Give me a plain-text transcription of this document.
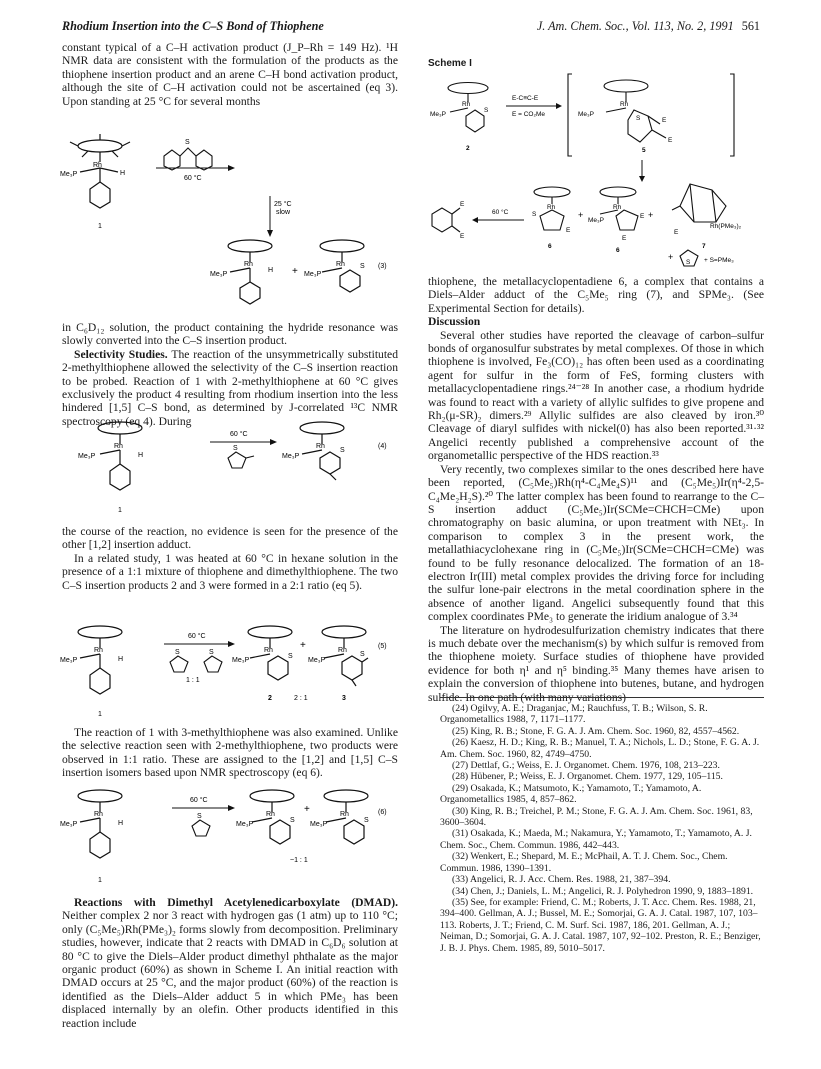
Rhodium Insertion into the C–S Bond of Thiophene	J. Am. Chem. Soc., Vol. 113, No. 2, 1991 561

constant typical of a C–H activation product (J_P–Rh = 149 Hz). ¹H NMR data are consistent with the formulation of the products as the thiophene insertion product and an arene C–H bond activation product, although the site of C–H activation could not be ascertained (eq 3). Upon standing at 25 °C for several months

Rh
Me₃P	H
1
60 °C
S
25 °C
slow
Rh
Me₃P
H +
Rh
Me₃P
S (3)

in C₆D₁₂ solution, the product containing the hydride resonance was slowly converted into the C–S insertion product.

Selectivity Studies. The reaction of the unsymmetrically substituted 2-methylthiophene allowed the selectivity of the C–S insertion reaction to be probed. Reaction of 1 with 2-methylthiophene at 60 °C gives exclusively the product 4 resulting from rhodium insertion into the less hindered [1,5] C–S bond, as determined by J-correlated ¹³C NMR spectroscopy (eq 4). During

Rh
Me₃P	H
1
60 °C
S	Rh
Me₃P
S
(4)

the course of the reaction, no evidence is seen for the presence of the other [1,2] insertion adduct.

In a related study, 1 was heated at 60 °C in hexane solution in the presence of a 1:1 mixture of thiophene and dimethylthiophene. The two C–S insertion products 2 and 3 were formed in a 2:1 ratio (eq 5).

Rh
Me₃P	H
1
60 °C
S	S
1 : 1
Rh
Me₃P
S
2
+
2 : 1
Rh
Me₃P
S
3
(5)

The reaction of 1 with 3-methylthiophene was also examined. Unlike the selective reaction seen with 2-methylthiophene, two products were observed in 1:1 ratio. These are assigned to the [1,2] and [1,5] C–S insertion isomers based upon NMR spectroscopy (eq 6).

Rh
Me₃P	H
1
60 °C
S	Rh
Me₃P
S
+
~1 : 1
Rh
Me₃P
S
(6)

Reactions with Dimethyl Acetylenedicarboxylate (DMAD). Neither complex 2 nor 3 react with hydrogen gas (1 atm) up to 110 °C; only (C₅Me₅)Rh(PMe₃)₂ forms slowly from decomposition. Preliminary studies, however, indicate that 2 reacts with DMAD in C₆D₆ solution at 80 °C to give the Diels–Alder product dimethyl phthalate as the major organic product (60%) as shown in Scheme I. An initial reaction with DMAD occurs at 25 °C, and the major product (60%) of the reaction is identified as the Diels–Alder adduct 5 in which PMe₃ has been displaced internally by an olefin. Other products identified in this reaction include

Scheme I

Rh
Me₃P
S
2
E-C≡C-E
E = CO₂Me
Rh
Me₃P
S	E
E
5
E
E
60 °C
Rh
S
E
6
+
Rh
Me₃P
E
E
6
+
Rh(PMe₃)₂
E
7
+
S + S=PMe₃

thiophene, the metallacyclopentadiene 6, a complex that contains a Diels–Alder adduct of the C₅Me₅ ring (7), and SPMe₃. (See Experimental Section for details).

Discussion

Several other studies have reported the cleavage of carbon–sulfur bonds of organosulfur substrates by metal complexes. Of those in which thiophene is involved, Fe₃(CO)₁₂ has often been used as a coordinating agent for sulfur in the form of FeS, forming clusters with metallacyclopentadiene rings.²⁴⁻²⁸ In another case, a rhodium hydride was found to react with a variety of allylic sulfides to give propene and Rh₂(μ-SR)₂ dimers.²⁹ Allylic sulfides are also cleaved by iron.³⁰ Cleavage of diaryl sulfides with nickel(0) has also been reported.³¹·³² Angelici recently published a comprehensive account of the organometallic perspective of the HDS reaction.³³

Very recently, two complexes similar to the ones described here have been reported, (C₅Me₅)Rh(η⁴-C₄Me₄S)¹¹ and (C₅Me₅)Ir(η⁴-2,5-C₄Me₂H₂S).²⁰ The latter complex has been found to rearrange to the C–S insertion adduct (C₅Me₅)Ir(SCMe=CHCH=CMe) upon chromatography on basic alumina, or upon treatment with NEt₃. In comparison to complex 3 in the present work, the metallathiacyclohexane ring in (C₅Me₅)Ir(SCMe=CHCH=CMe) was found to be fully resonance delocalized. The formation of an 18-electron Ir(III) metal complex provides the driving force for including the sulfur lone-pair electrons in the metal coordination sphere in the absence of another ligand. Angelici subsequently found that this complex coordinates PMe₃ to generate the iridium analogue of 3.³⁴

The literature on hydrodesulfurization chemistry indicates that there is much debate over the mechanism(s) by which sulfur is removed from the thiophene moiety. Surface studies of thiophene have provided evidence for both η¹ and η⁵ binding.³⁵ Many themes have arisen to explain the conversion of thiophene into butenes, butane, and hydrogen sulfide. In one path (with many variations)

(24) Ogilvy, A. E.; Draganjac, M.; Rauchfuss, T. B.; Wilson, S. R. Organometallics 1988, 7, 1171–1177.
(25) King, R. B.; Stone, F. G. A. J. Am. Chem. Soc. 1960, 82, 4557–4562.
(26) Kaesz, H. D.; King, R. B.; Manuel, T. A.; Nichols, L. D.; Stone, F. G. A. J. Am. Chem. Soc. 1960, 82, 4749–4750.
(27) Dettlaf, G.; Weiss, E. J. Organomet. Chem. 1976, 108, 213–223.
(28) Hübener, P.; Weiss, E. J. Organomet. Chem. 1977, 129, 105–115.
(29) Osakada, K.; Matsumoto, K.; Yamamoto, T.; Yamamoto, A. Organometallics 1985, 4, 857–862.
(30) King, R. B.; Treichel, P. M.; Stone, F. G. A. J. Am. Chem. Soc. 1961, 83, 3600–3604.
(31) Osakada, K.; Maeda, M.; Nakamura, Y.; Yamamoto, T.; Yamamoto, A. J. Chem. Soc., Chem. Commun. 1986, 442–443.
(32) Wenkert, E.; Shepard, M. E.; McPhail, A. T. J. Chem. Soc., Chem. Commun. 1986, 1390–1391.
(33) Angelici, R. J. Acc. Chem. Res. 1988, 21, 387–394.
(34) Chen, J.; Daniels, L. M.; Angelici, R. J. Polyhedron 1990, 9, 1883–1891.
(35) See, for example: Friend, C. M.; Roberts, J. T. Acc. Chem. Res. 1988, 21, 394–400. Gellman, A. J.; Bussel, M. E.; Somorjai, G. A. J. Catal. 1987, 107, 103–113. Roberts, J. T.; Friend, C. M. Surf. Sci. 1987, 186, 201. Gellman, A. J.; Neiman, D.; Somorjai, G. A. J. Catal. 1987, 107, 92–102. Preston, R. E.; Benziger, J. B. J. Phys. Chem. 1985, 89, 5010–5017.
